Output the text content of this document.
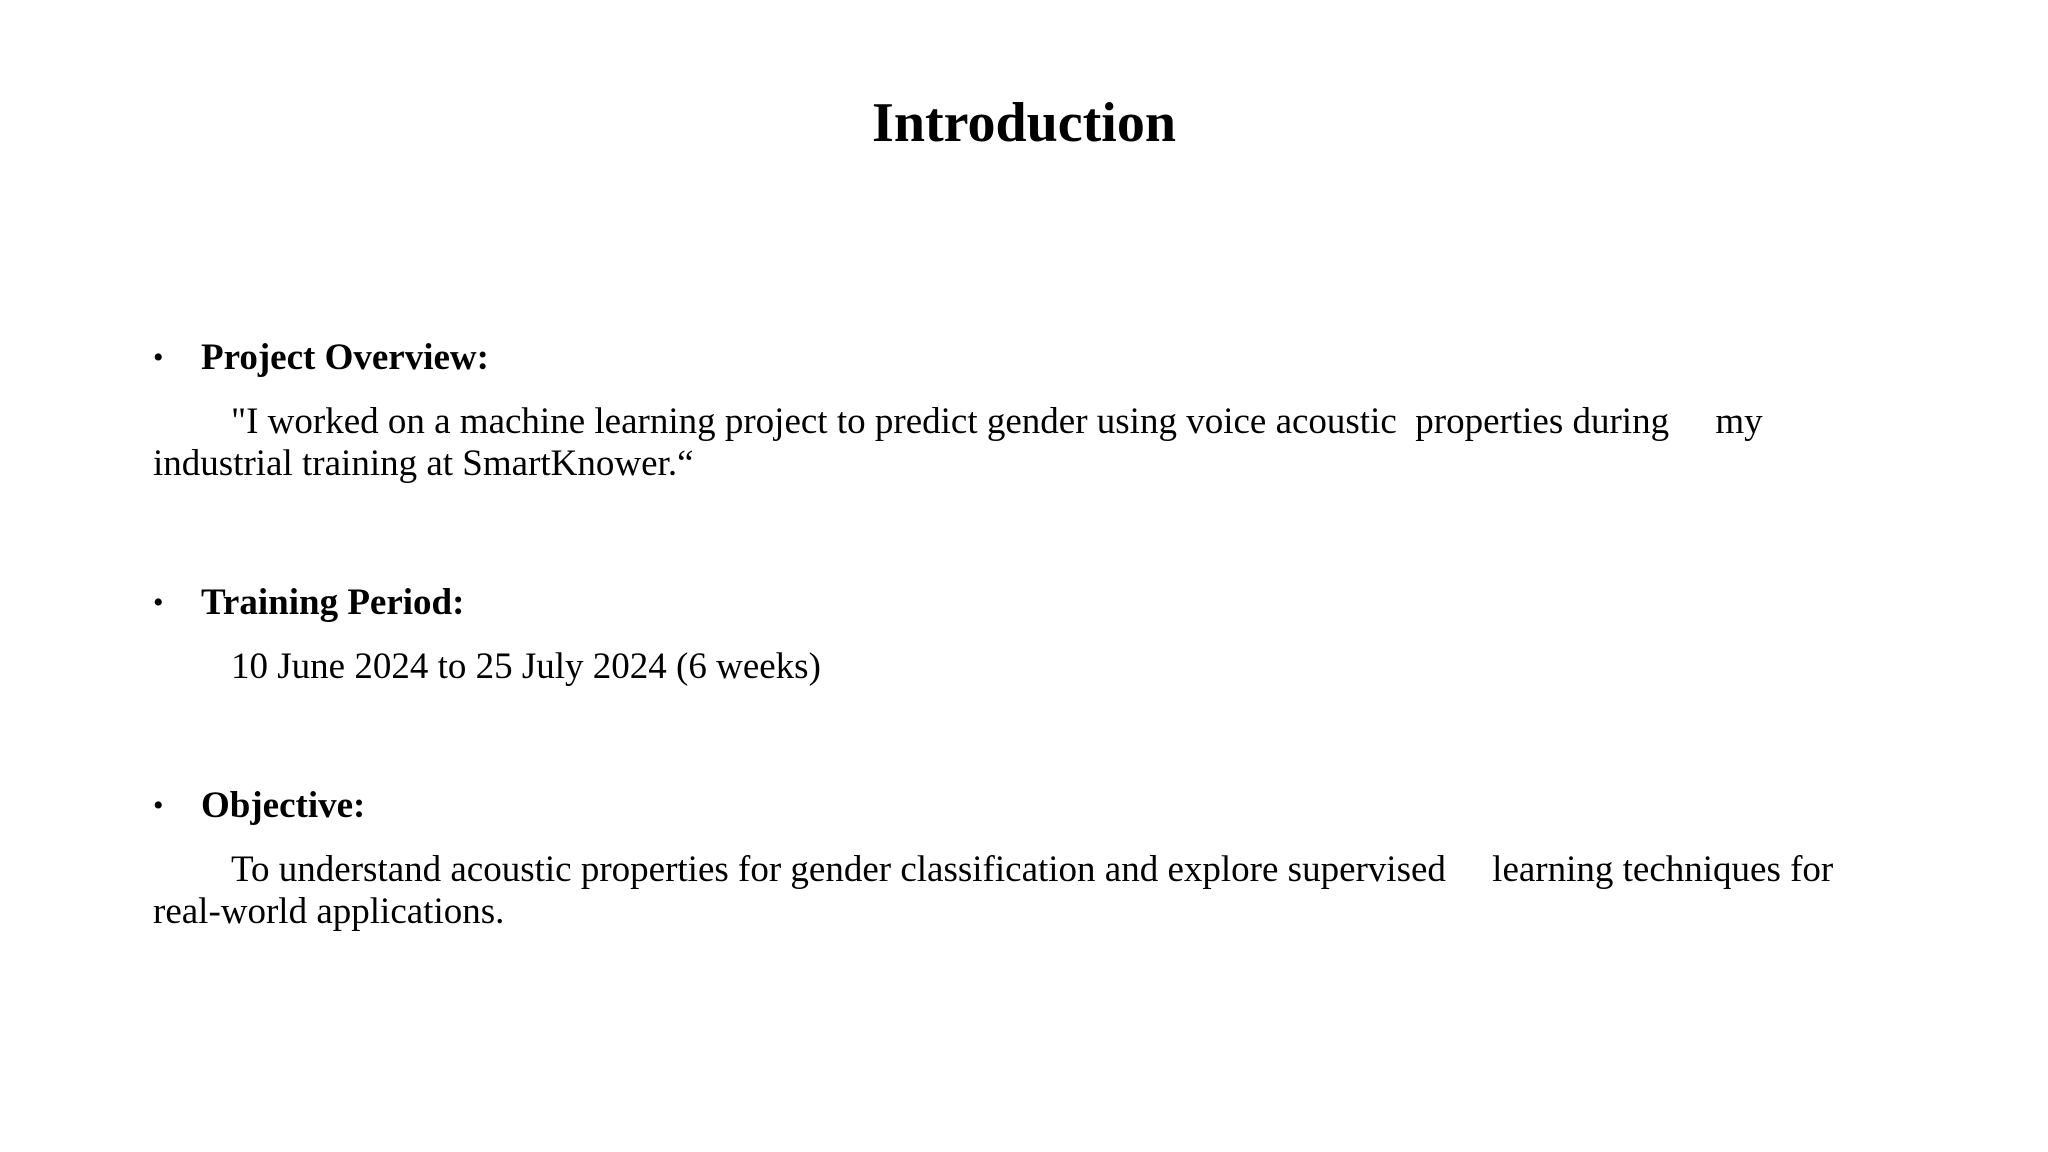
Introduction
• Project Overview:
"I worked on a machine learning project to predict gender using voice acoustic  properties during     my industrial training at SmartKnower.“
• Training Period:
10 June 2024 to 25 July 2024 (6 weeks)
• Objective:
To understand acoustic properties for gender classification and explore supervised     learning techniques for real-world applications.
